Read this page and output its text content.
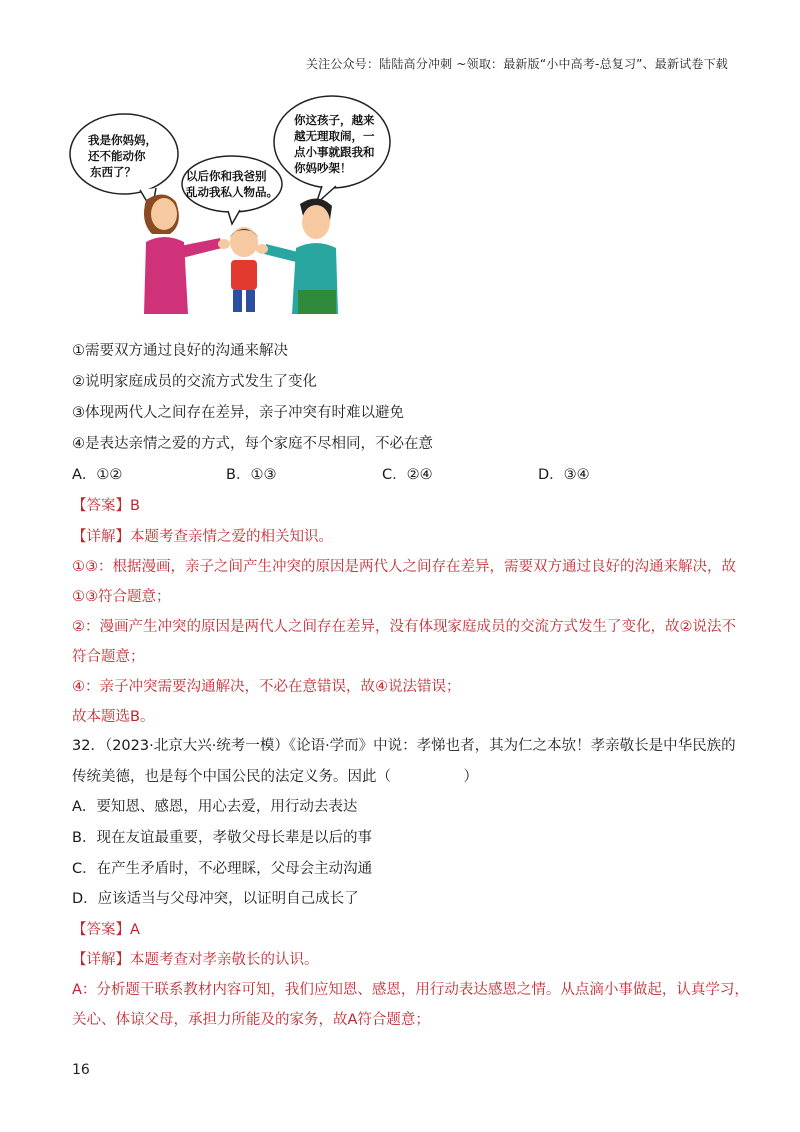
关注公众号：陆陆高分冲刺 ~领取：最新版“小中高考-总复习”、最新试卷下载
我是你妈妈，
还不能动你
东西了？	以后你和我爸别
乱动我私人物品。
你这孩子，越来
越无理取闹，一
点小事就跟我和
你妈吵架！
①需要双方通过良好的沟通来解决
②说明家庭成员的交流方式发生了变化
③体现两代人之间存在差异，亲子冲突有时难以避免
④是表达亲情之爱的方式，每个家庭不尽相同，不必在意
A．①②	B．①③	C．②④	D．③④
【答案】B
【详解】本题考查亲情之爱的相关知识。
①③：根据漫画，亲子之间产生冲突的原因是两代人之间存在差异，需要双方通过良好的沟通来解决，故
①③符合题意；
②：漫画产生冲突的原因是两代人之间存在差异，没有体现家庭成员的交流方式发生了变化，故②说法不
符合题意；
④：亲子冲突需要沟通解决，不必在意错误，故④说法错误；
故本题选B。
32．（2023·北京大兴·统考一模）《论语·学而》中说：孝悌也者，其为仁之本欤！孝亲敬长是中华民族的
传统美德，也是每个中国公民的法定义务。因此（　　　　　）
A．要知恩、感恩，用心去爱，用行动去表达
B．现在友谊最重要，孝敬父母长辈是以后的事
C．在产生矛盾时，不必理睬，父母会主动沟通
D．应该适当与父母冲突，以证明自己成长了
【答案】A
【详解】本题考查对孝亲敬长的认识。
A：分析题干联系教材内容可知，我们应知恩、感恩，用行动表达感恩之情。从点滴小事做起，认真学习，
关心、体谅父母，承担力所能及的家务，故A符合题意；
16
